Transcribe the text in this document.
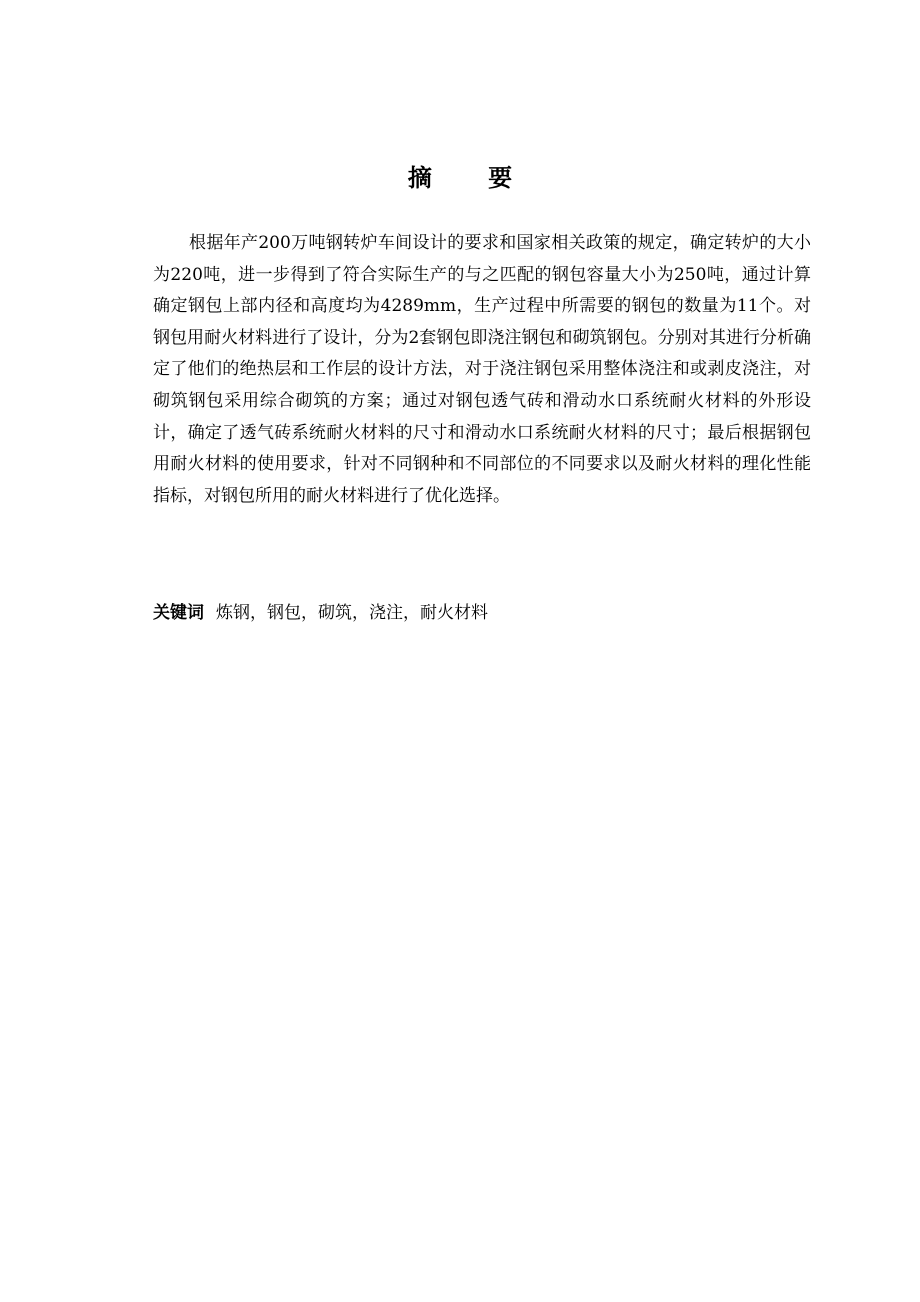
摘 要

根据年产200万吨钢转炉车间设计的要求和国家相关政策的规定，确定转炉的大小为220吨，进一步得到了符合实际生产的与之匹配的钢包容量大小为250吨，通过计算确定钢包上部内径和高度均为4289mm，生产过程中所需要的钢包的数量为11个。对钢包用耐火材料进行了设计，分为2套钢包即浇注钢包和砌筑钢包。分别对其进行分析确定了他们的绝热层和工作层的设计方法，对于浇注钢包采用整体浇注和或剥皮浇注，对砌筑钢包采用综合砌筑的方案；通过对钢包透气砖和滑动水口系统耐火材料的外形设计，确定了透气砖系统耐火材料的尺寸和滑动水口系统耐火材料的尺寸；最后根据钢包用耐火材料的使用要求，针对不同钢种和不同部位的不同要求以及耐火材料的理化性能指标，对钢包所用的耐火材料进行了优化选择。

关键词 炼钢，钢包，砌筑，浇注，耐火材料
